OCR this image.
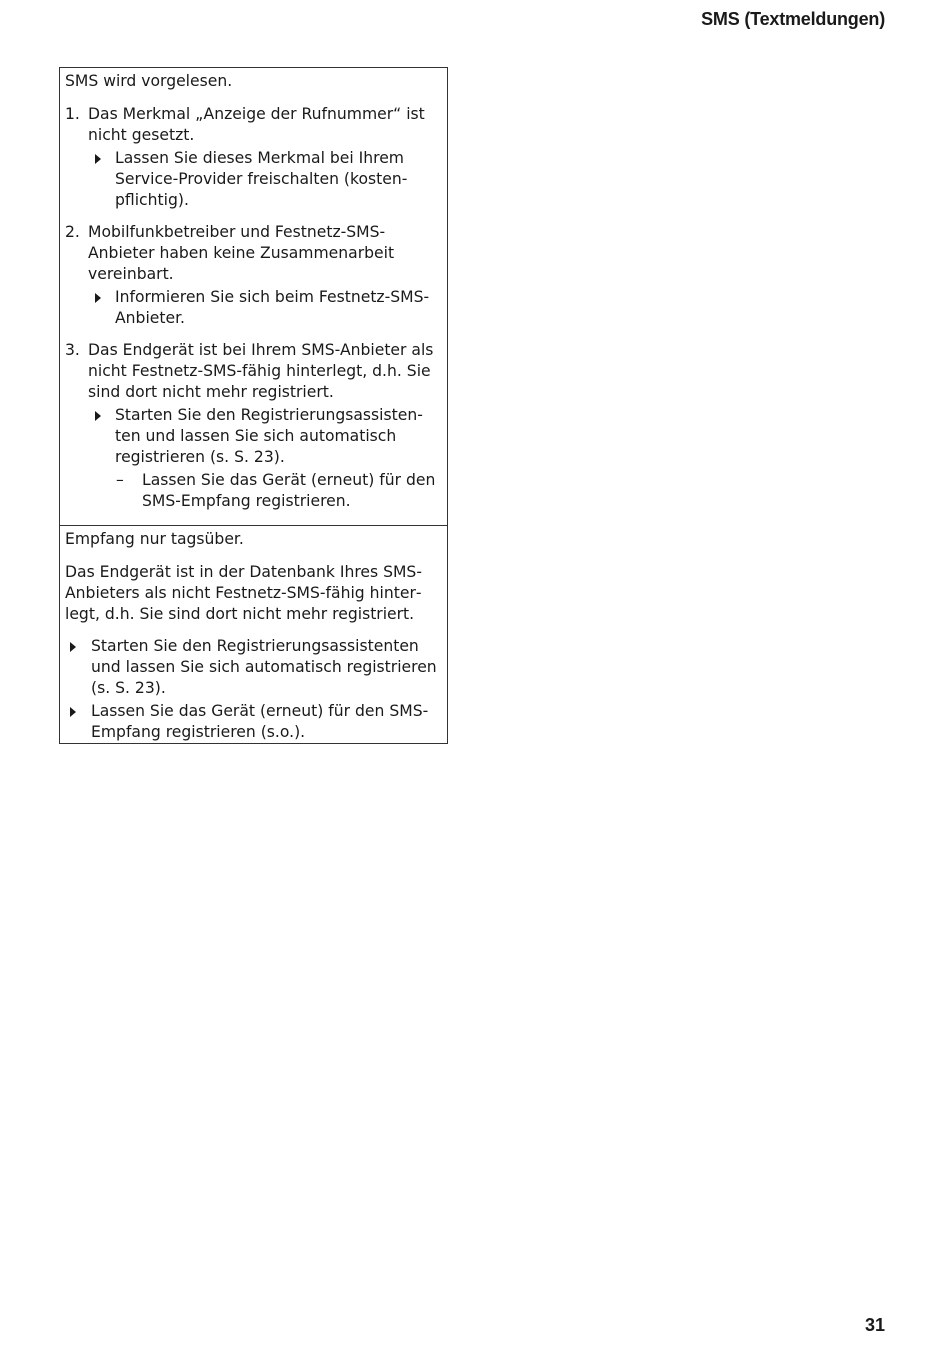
SMS (Textmeldungen)

SMS wird vorgelesen.

1. Das Merkmal „Anzeige der Rufnummer“ ist nicht gesetzt.

Lassen Sie dieses Merkmal bei Ihrem Service-Provider freischalten (kostenpflichtig).
2. Mobilfunkbetreiber und Festnetz-SMS-Anbieter haben keine Zusammenarbeit vereinbart.

Informieren Sie sich beim Festnetz-SMS-Anbieter.
3. Das Endgerät ist bei Ihrem SMS-Anbieter als nicht Festnetz-SMS-fähig hinterlegt, d.h. Sie sind dort nicht mehr registriert.

Starten Sie den Registrierungsassistenten und lassen Sie sich automatisch registrieren (s. S. 23).
– Lassen Sie das Gerät (erneut) für den SMS-Empfang registrieren.

Empfang nur tagsüber.

Das Endgerät ist in der Datenbank Ihres SMS-Anbieters als nicht Festnetz-SMS-fähig hinterlegt, d.h. Sie sind dort nicht mehr registriert.

Starten Sie den Registrierungsassistenten und lassen Sie sich automatisch registrieren (s. S. 23).
Lassen Sie das Gerät (erneut) für den SMS-Empfang registrieren (s.o.).
31
